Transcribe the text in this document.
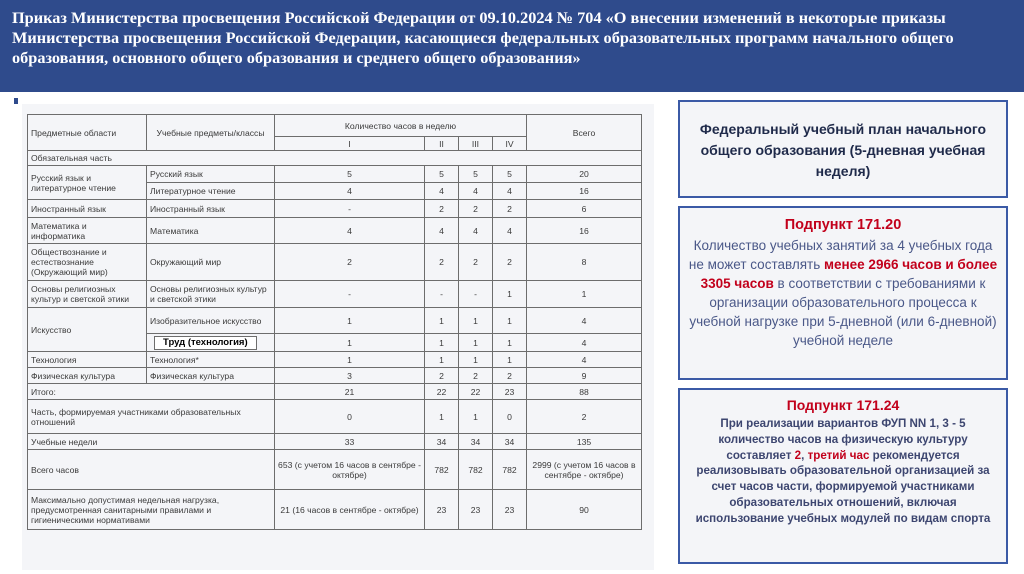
Приказ Министерства просвещения Российской Федерации от 09.10.2024 № 704 «О внесении изменений в некоторые приказы Министерства просвещения Российской Федерации, касающиеся федеральных образовательных программ начального общего образования, основного общего образования и среднего общего образования»
Предметные области	Учебные предметы/классы	Количество часов в неделю				Всего
		I	II	III	IV	
Обязательная часть						
Русский язык и литературное чтение	Русский язык	5	5	5	5	20
	Литературное чтение	4	4	4	4	16
Иностранный язык	Иностранный язык	-	2	2	2	6
Математика и информатика	Математика	4	4	4	4	16
Обществознание и естествознание (Окружающий мир)	Окружающий мир	2	2	2	2	8
Основы религиозных культур и светской этики	Основы религиозных культур и светской этики	-	-	-	1	1
Искусство	Изобразительное искусство	1	1	1	1	4
	Труд (технология)	1	1	1	1	4
Технология	Технология*	1	1	1	1	4
Физическая культура	Физическая культура	3	2	2	2	9
Итого:		21	22	22	23	88
Часть, формируемая участниками образовательных отношений		0	1	1	0	2
Учебные недели		33	34	34	34	135
Всего часов		653 (с учетом 16 часов в сентябре - октябре)	782	782	782	2999 (с учетом 16 часов в сентябре - октябре)
Максимально допустимая недельная нагрузка, предусмотренная санитарными правилами и гигиеническими нормативами		21 (16 часов в сентябре - октябре)	23	23	23	90
Федеральный учебный план начального общего образования (5-дневная учебная неделя)
Подпункт 171.20
Количество учебных занятий за 4 учебных года не может составлять менее 2966 часов и более 3305 часов в соответствии с требованиями к организации образовательного процесса к учебной нагрузке при 5-дневной (или 6-дневной) учебной неделе
Подпункт 171.24
При реализации вариантов ФУП NN 1, 3 - 5 количество часов на физическую культуру составляет 2, третий час рекомендуется реализовывать образовательной организацией за счет часов части, формируемой участниками образовательных отношений, включая использование учебных модулей по видам спорта
